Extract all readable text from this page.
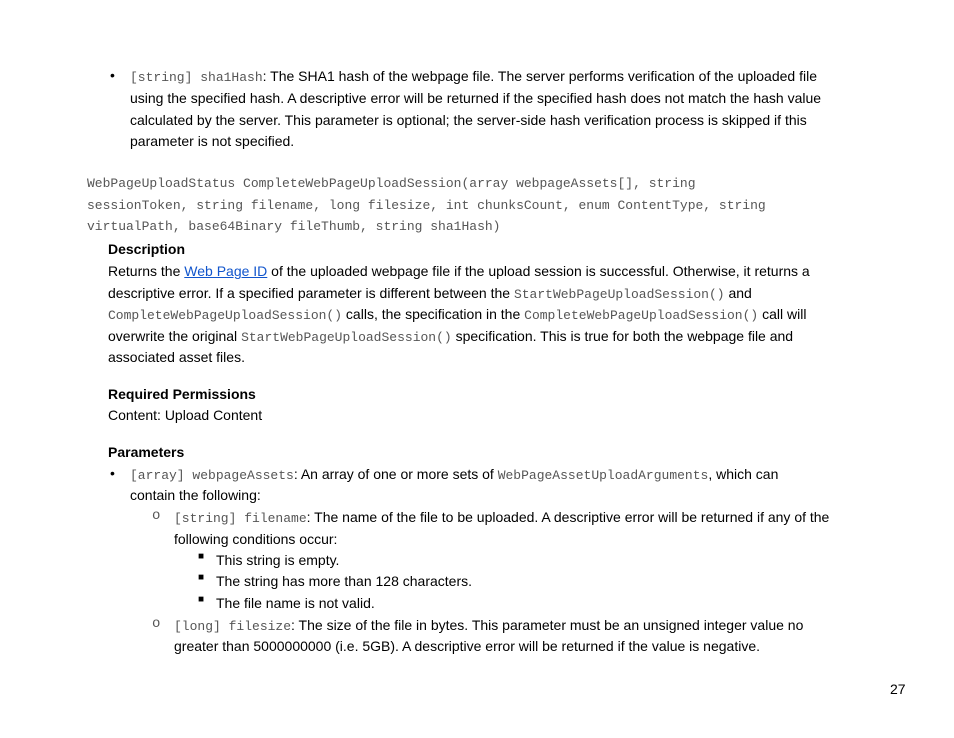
• [string] sha1Hash: The SHA1 hash of the webpage file. The server performs verification of the uploaded file
using the specified hash. A descriptive error will be returned if the specified hash does not match the hash value
calculated by the server. This parameter is optional; the server-side hash verification process is skipped if this
parameter is not specified.
WebPageUploadStatus CompleteWebPageUploadSession(array webpageAssets[], string
sessionToken, string filename, long filesize, int chunksCount, enum ContentType, string
virtualPath, base64Binary fileThumb, string sha1Hash)
Description
Returns the Web Page ID of the uploaded webpage file if the upload session is successful. Otherwise, it returns a
descriptive error. If a specified parameter is different between the StartWebPageUploadSession() and
CompleteWebPageUploadSession() calls, the specification in the CompleteWebPageUploadSession() call will
overwrite the original StartWebPageUploadSession() specification. This is true for both the webpage file and
associated asset files.
Required Permissions
Content: Upload Content
Parameters
• [array] webpageAssets: An array of one or more sets of WebPageAssetUploadArguments, which can
contain the following:
o [string] filename: The name of the file to be uploaded. A descriptive error will be returned if any of the
following conditions occur:
■ This string is empty.
■ The string has more than 128 characters.
■ The file name is not valid.
o [long] filesize: The size of the file in bytes. This parameter must be an unsigned integer value no
greater than 5000000000 (i.e. 5GB). A descriptive error will be returned if the value is negative.
27
